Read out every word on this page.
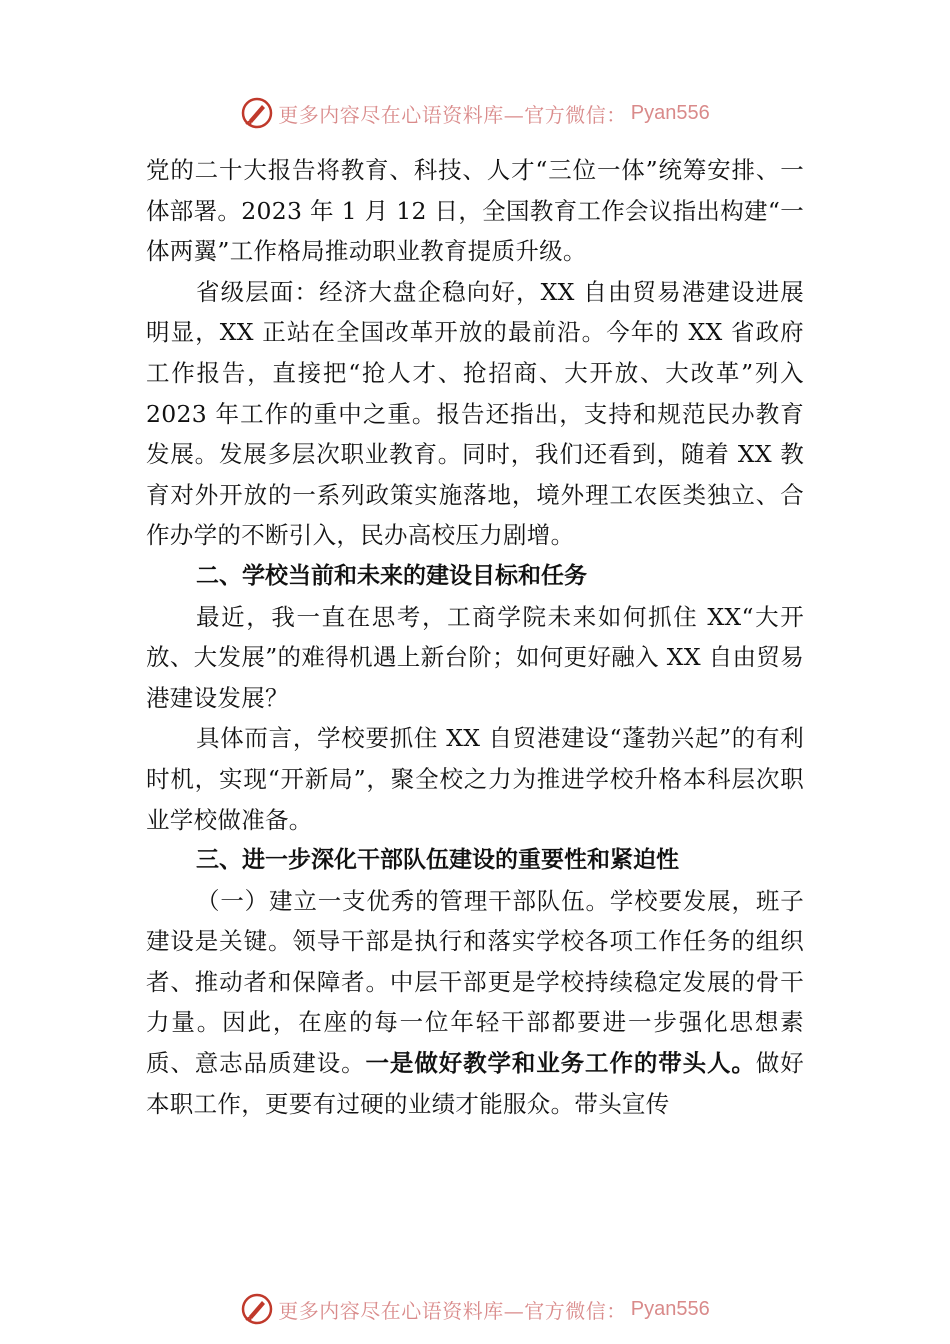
更多内容尽在心语资料库—官方微信： Pyan556

党的二十大报告将教育、科技、人才“三位一体”统筹安排、一体部署。2023 年 1 月 12 日，全国教育工作会议指出构建“一体两翼”工作格局推动职业教育提质升级。

省级层面：经济大盘企稳向好，XX 自由贸易港建设进展明显，XX 正站在全国改革开放的最前沿。今年的 XX 省政府工作报告，直接把“抢人才、抢招商、大开放、大改革”列入 2023 年工作的重中之重。报告还指出，支持和规范民办教育发展。发展多层次职业教育。同时，我们还看到，随着 XX 教育对外开放的一系列政策实施落地，境外理工农医类独立、合作办学的不断引入，民办高校压力剧增。

二、学校当前和未来的建设目标和任务

最近，我一直在思考，工商学院未来如何抓住 XX“大开放、大发展”的难得机遇上新台阶；如何更好融入 XX 自由贸易港建设发展？

具体而言，学校要抓住 XX 自贸港建设“蓬勃兴起”的有利时机，实现“开新局”，聚全校之力为推进学校升格本科层次职业学校做准备。

三、进一步深化干部队伍建设的重要性和紧迫性

（一）建立一支优秀的管理干部队伍。学校要发展，班子建设是关键。领导干部是执行和落实学校各项工作任务的组织者、推动者和保障者。中层干部更是学校持续稳定发展的骨干力量。因此，在座的每一位年轻干部都要进一步强化思想素质、意志品质建设。一是做好教学和业务工作的带头人。做好本职工作，更要有过硬的业绩才能服众。带头宣传

更多内容尽在心语资料库—官方微信： Pyan556
